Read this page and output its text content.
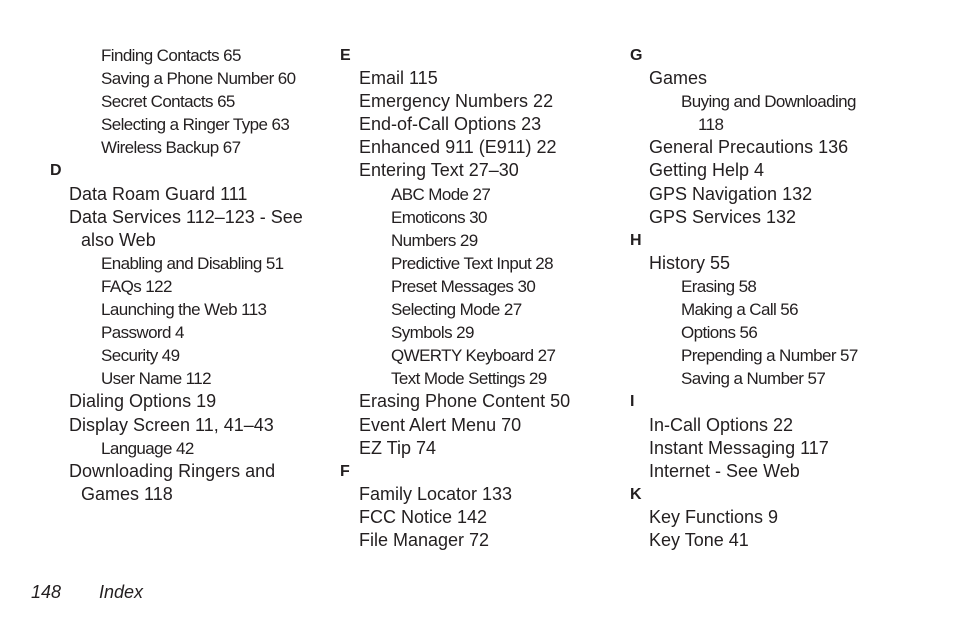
Finding Contacts 65
Saving a Phone Number 60
Secret Contacts 65
Selecting a Ringer Type 63
Wireless Backup 67
D
Data Roam Guard 111
Data Services 112–123 - See
also Web
Enabling and Disabling 51
FAQs 122
Launching the Web 113
Password 4
Security 49
User Name 112
Dialing Options 19
Display Screen 11, 41–43
Language 42
Downloading Ringers and
Games 118
E
Email 115
Emergency Numbers 22
End-of-Call Options 23
Enhanced 911 (E911) 22
Entering Text 27–30
ABC Mode 27
Emoticons 30
Numbers 29
Predictive Text Input 28
Preset Messages 30
Selecting Mode 27
Symbols 29
QWERTY Keyboard 27
Text Mode Settings 29
Erasing Phone Content 50
Event Alert Menu 70
EZ Tip 74
F
Family Locator 133
FCC Notice 142
File Manager 72
G
Games
Buying and Downloading
118
General Precautions 136
Getting Help 4
GPS Navigation 132
GPS Services 132
H
History 55
Erasing 58
Making a Call 56
Options 56
Prepending a Number 57
Saving a Number 57
I
In-Call Options 22
Instant Messaging 117
Internet - See Web
K
Key Functions 9
Key Tone 41
148 Index
